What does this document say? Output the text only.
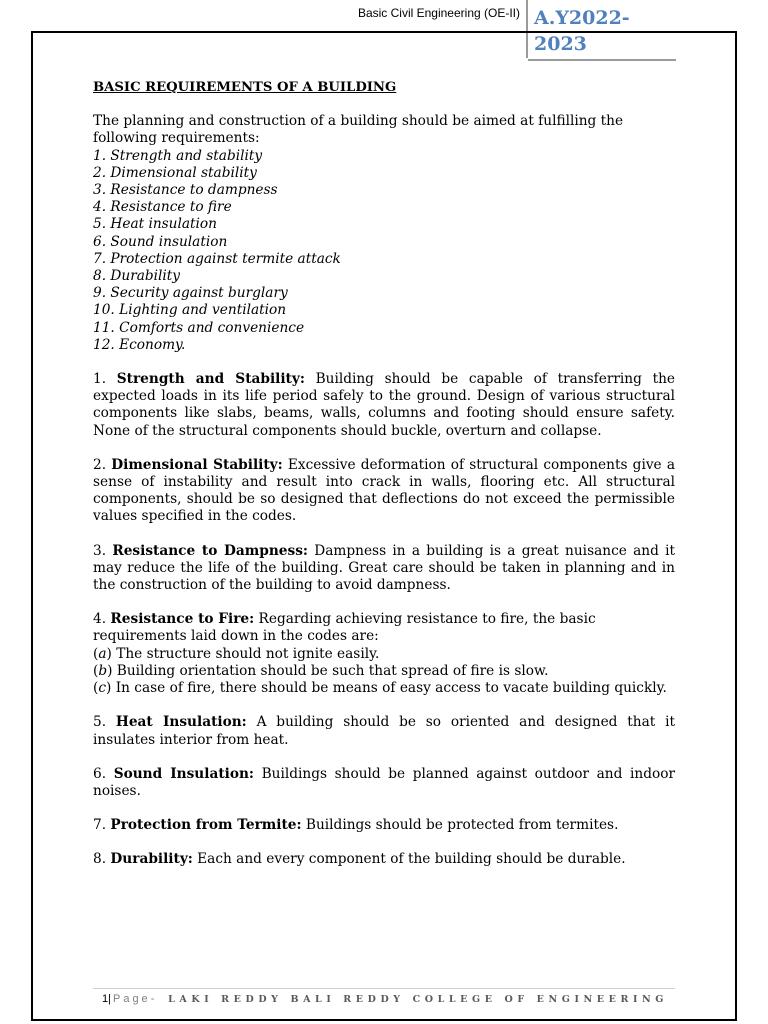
Basic Civil Engineering (OE-II) A.Y2022-2023
BASIC REQUIREMENTS OF A BUILDING

The planning and construction of a building should be aimed at fulfilling the following requirements:

1. Strength and stability
2. Dimensional stability
3. Resistance to dampness
4. Resistance to fire
5. Heat insulation
6. Sound insulation
7. Protection against termite attack
8. Durability
9. Security against burglary
10. Lighting and ventilation
11. Comforts and convenience
12. Economy.

1. Strength and Stability: Building should be capable of transferring the expected loads in its life period safely to the ground. Design of various structural components like slabs, beams, walls, columns and footing should ensure safety. None of the structural components should buckle, overturn and collapse.

2. Dimensional Stability: Excessive deformation of structural components give a sense of instability and result into crack in walls, flooring etc. All structural components, should be so designed that deflections do not exceed the permissible values specified in the codes.

3. Resistance to Dampness: Dampness in a building is a great nuisance and it may reduce the life of the building. Great care should be taken in planning and in the construction of the building to avoid dampness.

4. Resistance to Fire: Regarding achieving resistance to fire, the basic requirements laid down in the codes are:

(a) The structure should not ignite easily.

(b) Building orientation should be such that spread of fire is slow.

(c) In case of fire, there should be means of easy access to vacate building quickly.

5. Heat Insulation: A building should be so oriented and designed that it insulates interior from heat.

6. Sound Insulation: Buildings should be planned against outdoor and indoor noises.

7. Protection from Termite: Buildings should be protected from termites.

8. Durability: Each and every component of the building should be durable.

1| Page- LAKI REDDY BALI REDDY COLLEGE OF ENGINEERING
